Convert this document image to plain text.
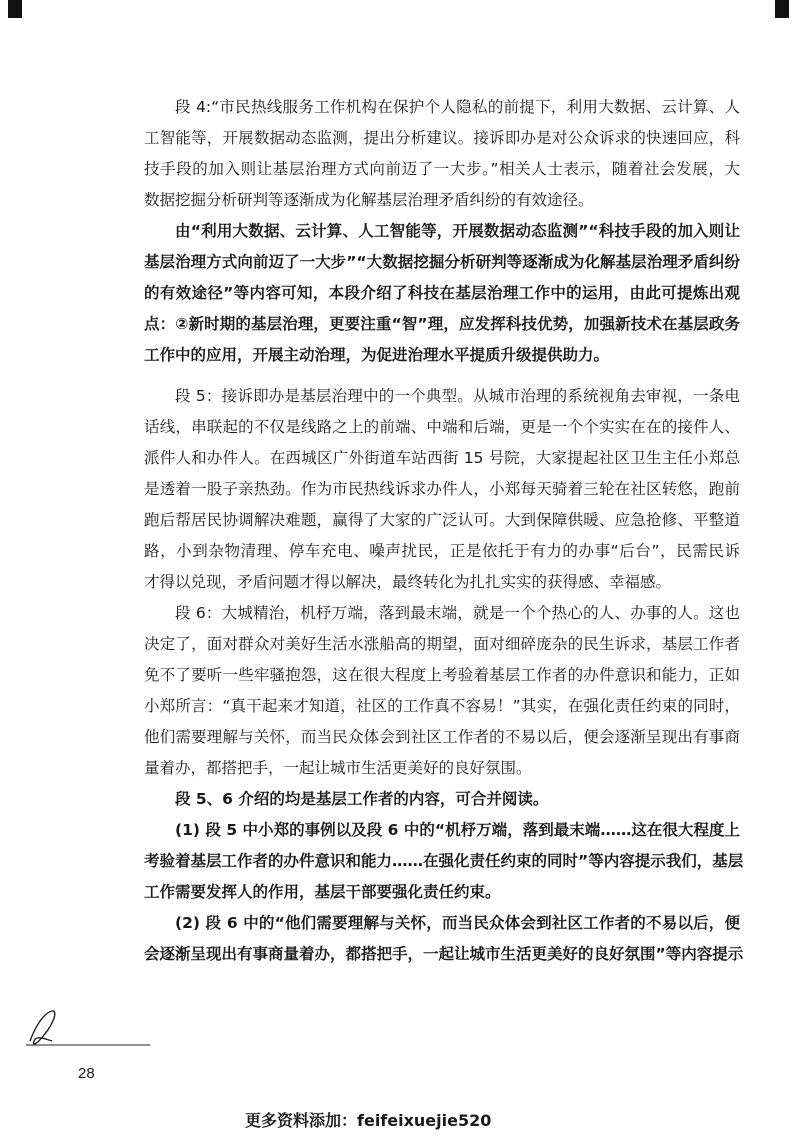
段 4:“市民热线服务工作机构在保护个人隐私的前提下，利用大数据、云计算、人
工智能等，开展数据动态监测，提出分析建议。接诉即办是对公众诉求的快速回应，科
技手段的加入则让基层治理方式向前迈了一大步。”相关人士表示，随着社会发展，大
数据挖掘分析研判等逐渐成为化解基层治理矛盾纠纷的有效途径。
由“利用大数据、云计算、人工智能等，开展数据动态监测”“科技手段的加入则让
基层治理方式向前迈了一大步”“大数据挖掘分析研判等逐渐成为化解基层治理矛盾纠纷
的有效途径”等内容可知，本段介绍了科技在基层治理工作中的运用，由此可提炼出观
点：②新时期的基层治理，更要注重“智”理，应发挥科技优势，加强新技术在基层政务
工作中的应用，开展主动治理，为促进治理水平提质升级提供助力。
段 5：接诉即办是基层治理中的一个典型。从城市治理的系统视角去审视，一条电
话线，串联起的不仅是线路之上的前端、中端和后端，更是一个个实实在在的接件人、
派件人和办件人。在西城区广外街道车站西街 15 号院，大家提起社区卫生主任小郑总
是透着一股子亲热劲。作为市民热线诉求办件人，小郑每天骑着三轮在社区转悠，跑前
跑后帮居民协调解决难题，赢得了大家的广泛认可。大到保障供暖、应急抢修、平整道
路，小到杂物清理、停车充电、噪声扰民，正是依托于有力的办事“后台”，民需民诉
才得以兑现，矛盾问题才得以解决，最终转化为扎扎实实的获得感、幸福感。
段 6：大城精治，机杼万端，落到最末端，就是一个个热心的人、办事的人。这也
决定了，面对群众对美好生活水涨船高的期望，面对细碎庞杂的民生诉求，基层工作者
免不了要听一些牢骚抱怨，这在很大程度上考验着基层工作者的办件意识和能力，正如
小郑所言：“真干起来才知道，社区的工作真不容易！”其实，在强化责任约束的同时，
他们需要理解与关怀，而当民众体会到社区工作者的不易以后，便会逐渐呈现出有事商
量着办，都搭把手，一起让城市生活更美好的良好氛围。
段 5、6 介绍的均是基层工作者的内容，可合并阅读。
(1) 段 5 中小郑的事例以及段 6 中的“机杼万端，落到最末端……这在很大程度上
考验着基层工作者的办件意识和能力……在强化责任约束的同时”等内容提示我们，基层
工作需要发挥人的作用，基层干部要强化责任约束。
(2) 段 6 中的“他们需要理解与关怀，而当民众体会到社区工作者的不易以后，便
会逐渐呈现出有事商量着办，都搭把手，一起让城市生活更美好的良好氛围”等内容提示
28
更多资料添加：feifeixuejie520
